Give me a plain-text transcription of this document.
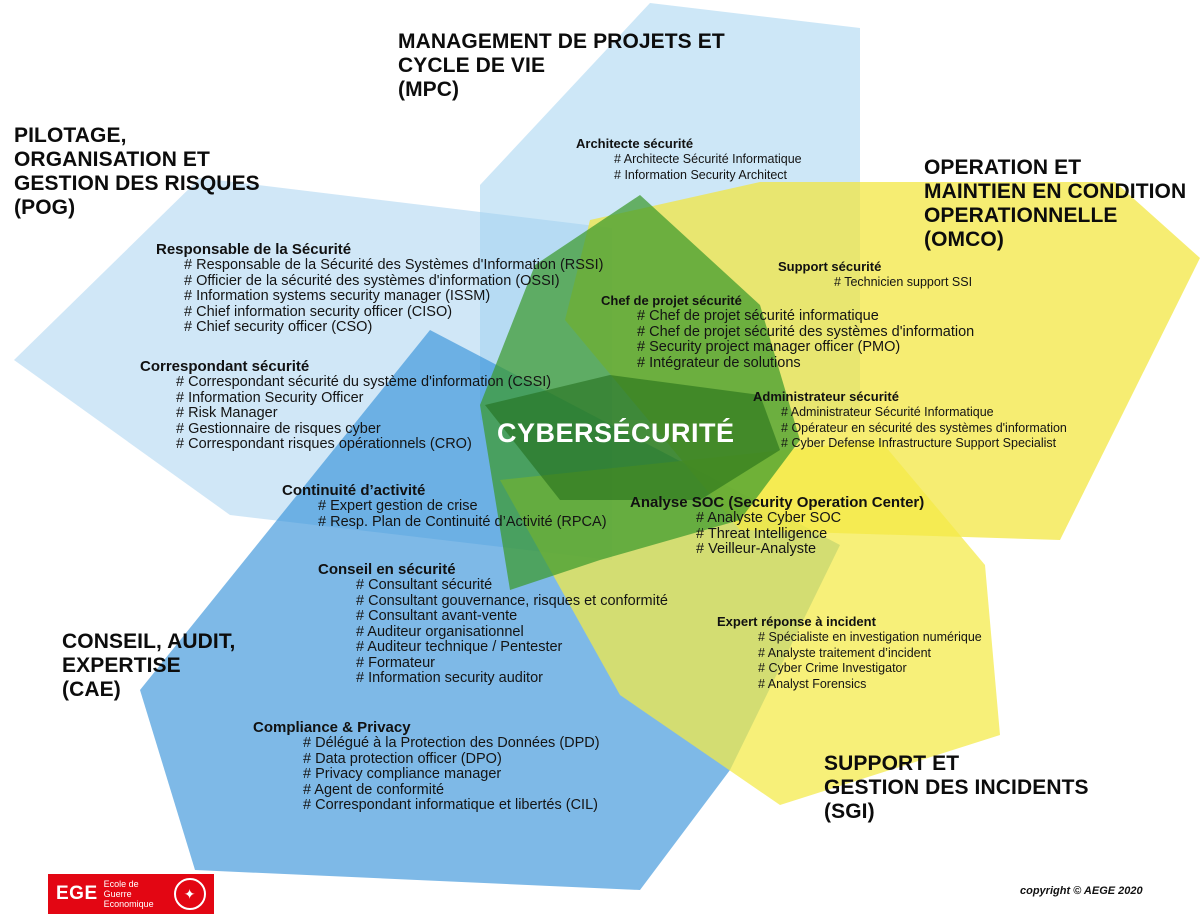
MANAGEMENT DE PROJETS ET
CYCLE DE VIE
(MPC)
PILOTAGE,
ORGANISATION ET
GESTION DES RISQUES
(POG)
OPERATION ET
MAINTIEN EN CONDITION
OPERATIONNELLE
(OMCO)
CONSEIL, AUDIT,
EXPERTISE
(CAE)
SUPPORT ET
GESTION DES INCIDENTS
(SGI)
CYBERSÉCURITÉ
Architecte sécurité
# Architecte Sécurité Informatique
# Information Security Architect
Responsable de la Sécurité
# Responsable de la Sécurité des Systèmes d'Information (RSSI)
# Officier de la sécurité des systèmes d'information (OSSI)
# Information systems security manager (ISSM)
# Chief information security officer (CISO)
# Chief security officer (CSO)
Support sécurité
# Technicien support SSI
Chef de projet sécurité
# Chef de projet sécurité informatique
# Chef de projet sécurité des systèmes d'information
# Security project manager officer (PMO)
# Intégrateur de solutions
Correspondant sécurité
# Correspondant sécurité du système d'information (CSSI)
# Information Security Officer
# Risk Manager
# Gestionnaire de risques cyber
# Correspondant risques opérationnels (CRO)
Administrateur sécurité
# Administrateur Sécurité Informatique
# Opérateur en sécurité des systèmes d'information
# Cyber Defense Infrastructure Support Specialist
Continuité d’activité
# Expert gestion de crise
# Resp. Plan de Continuité d’Activité (RPCA)
Analyse SOC (Security Operation Center)
# Analyste Cyber SOC
# Threat Intelligence
# Veilleur-Analyste
Conseil en sécurité
# Consultant sécurité
# Consultant gouvernance, risques et conformité
# Consultant avant-vente
# Auditeur organisationnel
# Auditeur technique / Pentester
# Formateur
# Information security auditor
Expert réponse à incident
# Spécialiste en investigation numérique
# Analyste traitement d’incident
# Cyber Crime Investigator
# Analyst Forensics
Compliance & Privacy
# Délégué à la Protection des Données (DPD)
# Data protection officer (DPO)
# Privacy compliance manager
# Agent de conformité
# Correspondant informatique et libertés (CIL)
EGE Ecole de Guerre Economique
✦	copyright © AEGE 2020
